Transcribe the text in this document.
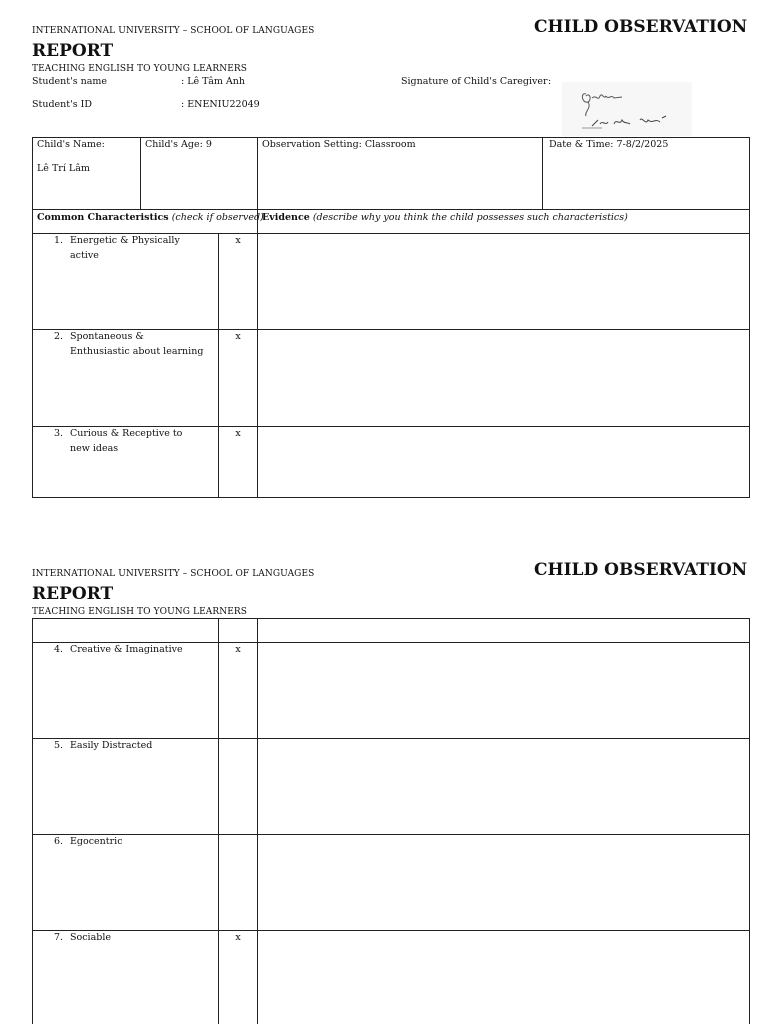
INTERNATIONAL UNIVERSITY – SCHOOL OF LANGUAGES	CHILD OBSERVATION
REPORT
TEACHING ENGLISH TO YOUNG LEARNERS
Student's name	: Lê Tâm Anh
Student's ID	: ENENIU22049
Signature of Child's Caregiver :
Child's Name:
Lê Trí Lâm
Child's Age: 9	Observation Setting: Classroom	Date & Time: 7-8/2/2025
Common Characteristics (check if observed)
Evidence (describe why you think the child possesses such characteristics)
1. Energetic & Physically active
x
2. Spontaneous & Enthusiastic about learning
x
3. Curious & Receptive to new ideas
x
INTERNATIONAL UNIVERSITY – SCHOOL OF LANGUAGES	CHILD OBSERVATION
REPORT
TEACHING ENGLISH TO YOUNG LEARNERS
4. Creative & Imaginative	x
5. Easily Distracted
6. Egocentric
7. Sociable	x
